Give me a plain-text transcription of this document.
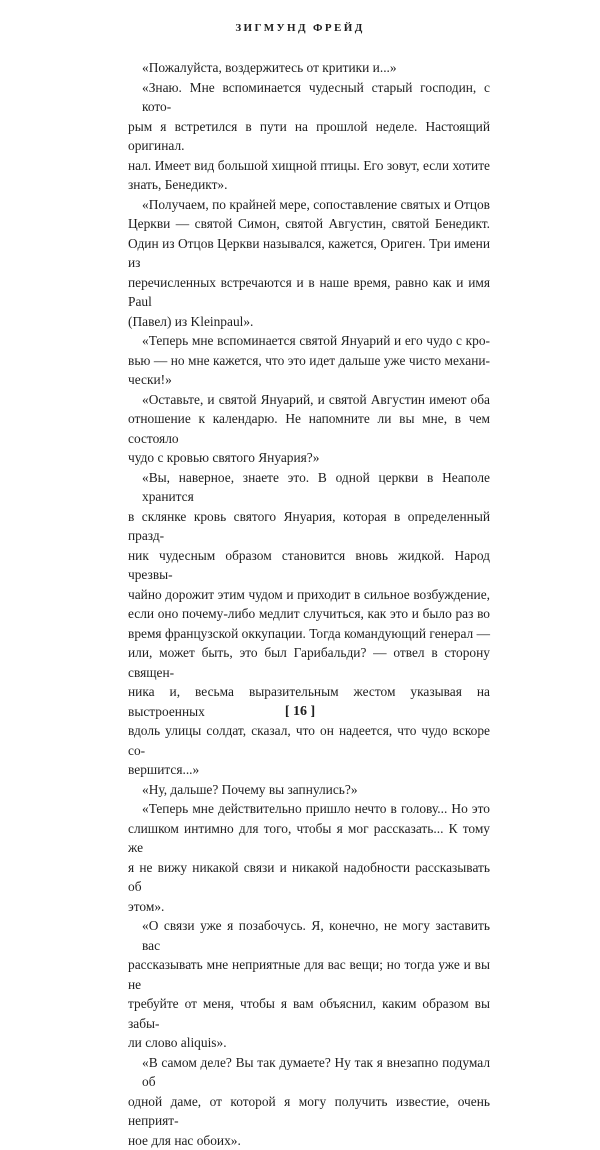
ЗИГМУНД ФРЕЙД

«Пожалуйста, воздержитесь от критики и...»

«Знаю. Мне вспоминается чудесный старый господин, с кото-
рым я встретился в пути на прошлой неделе. Настоящий оригинал.
нал. Имеет вид большой хищной птицы. Его зовут, если хотите
знать, Бенедикт».

«Получаем, по крайней мере, сопоставление святых и Отцов
Церкви — святой Симон, святой Августин, святой Бенедикт.
Один из Отцов Церкви назывался, кажется, Ориген. Три имени из
перечисленных встречаются и в наше время, равно как и имя Paul
(Павел) из Kleinpaul».

«Теперь мне вспоминается святой Януарий и его чудо с кро-
вью — но мне кажется, что это идет дальше уже чисто механи-
чески!»

«Оставьте, и святой Януарий, и святой Августин имеют оба
отношение к календарю. Не напомните ли вы мне, в чем состояло
чудо с кровью святого Януария?»

«Вы, наверное, знаете это. В одной церкви в Неаполе хранится
в склянке кровь святого Януария, которая в определенный празд-
ник чудесным образом становится вновь жидкой. Народ чрезвы-
чайно дорожит этим чудом и приходит в сильное возбуждение,
если оно почему-либо медлит случиться, как это и было раз во
время французской оккупации. Тогда командующий генерал —
или, может быть, это был Гарибальди? — отвел в сторону священ-
ника и, весьма выразительным жестом указывая на выстроенных
вдоль улицы солдат, сказал, что он надеется, что чудо вскоре со-
вершится...»

«Ну, дальше? Почему вы запнулись?»

«Теперь мне действительно пришло нечто в голову... Но это
слишком интимно для того, чтобы я мог рассказать... К тому же
я не вижу никакой связи и никакой надобности рассказывать об
этом».

«О связи уже я позабочусь. Я, конечно, не могу заставить вас
рассказывать мне неприятные для вас вещи; но тогда уже и вы не
требуйте от меня, чтобы я вам объяснил, каким образом вы забы-
ли слово aliquis».

«В самом деле? Вы так думаете? Ну так я внезапно подумал об
одной даме, от которой я могу получить известие, очень неприят-
ное для нас обоих».

[ 16 ]
